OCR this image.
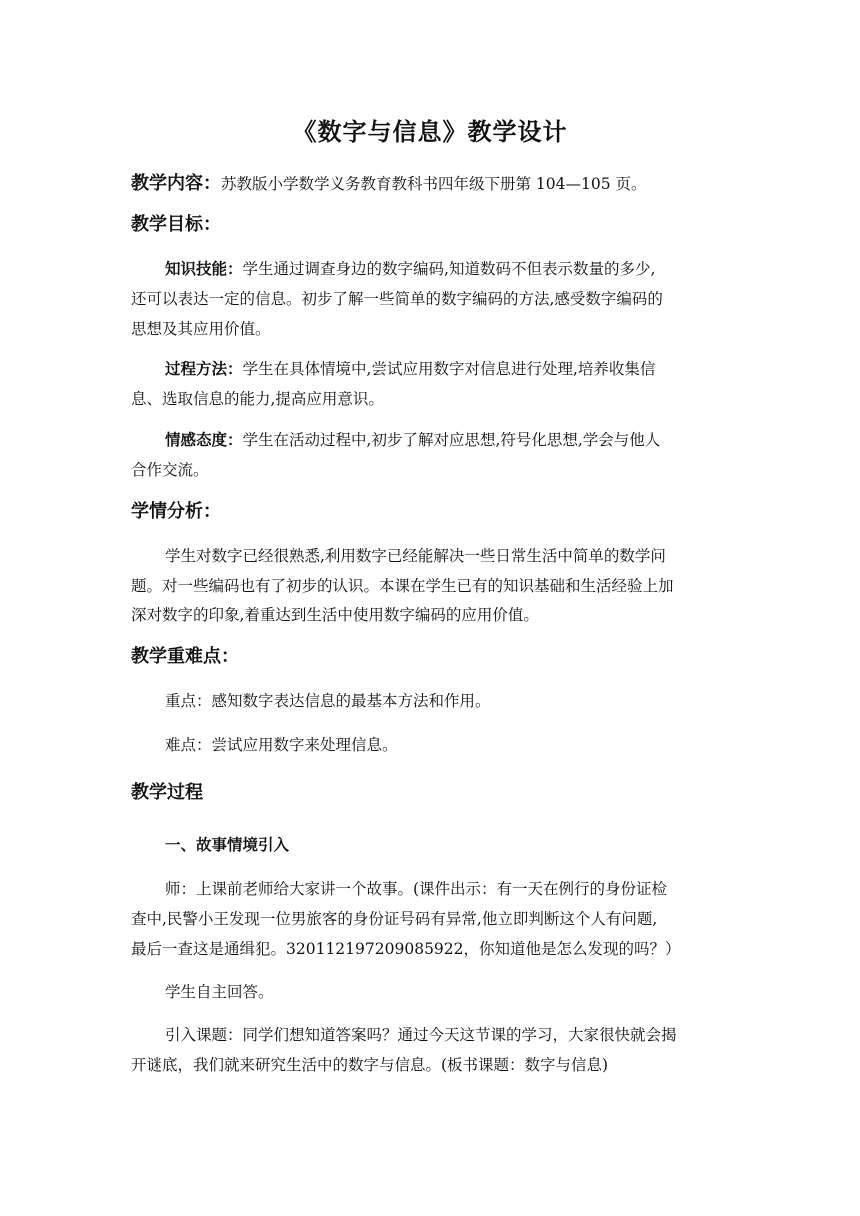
《数字与信息》教学设计
教学内容：苏教版小学数学义务教育教科书四年级下册第 104—105 页。
教学目标：
知识技能：学生通过调查身边的数字编码,知道数码不但表示数量的多少,
还可以表达一定的信息。初步了解一些简单的数字编码的方法,感受数字编码的
思想及其应用价值。
过程方法：学生在具体情境中,尝试应用数字对信息进行处理,培养收集信
息、选取信息的能力,提高应用意识。
情感态度：学生在活动过程中,初步了解对应思想,符号化思想,学会与他人
合作交流。
学情分析：
学生对数字已经很熟悉,利用数字已经能解决一些日常生活中简单的数学问
题。对一些编码也有了初步的认识。本课在学生已有的知识基础和生活经验上加
深对数字的印象,着重达到生活中使用数字编码的应用价值。
教学重难点：
重点：感知数字表达信息的最基本方法和作用。
难点：尝试应用数字来处理信息。
教学过程
一、故事情境引入
师：上课前老师给大家讲一个故事。(课件出示：有一天在例行的身份证检
查中,民警小王发现一位男旅客的身份证号码有异常,他立即判断这个人有问题,
最后一查这是通缉犯。320112197209085922，你知道他是怎么发现的吗？）
学生自主回答。
引入课题：同学们想知道答案吗？通过今天这节课的学习，大家很快就会揭
开谜底，我们就来研究生活中的数字与信息。(板书课题：数字与信息)
